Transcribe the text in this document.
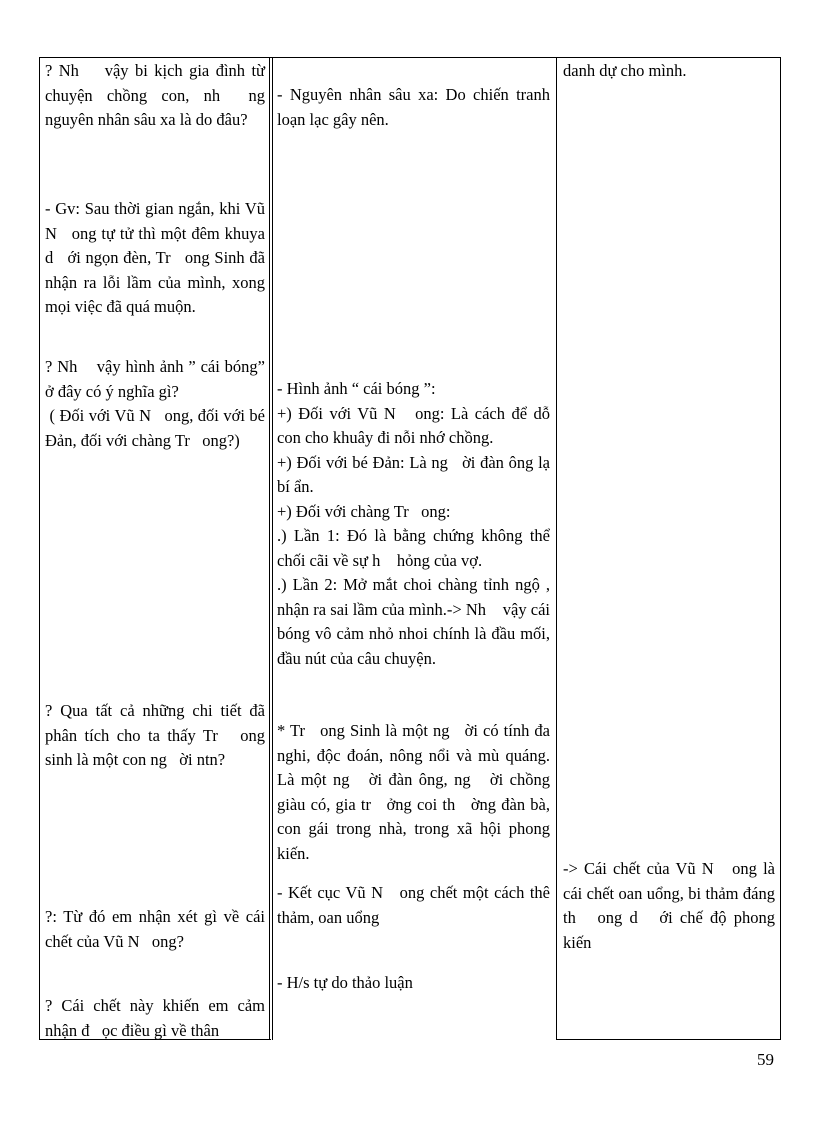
? Nh    vậy bi kịch gia đình từ chuyện chồng con, nh  ng nguyên nhân sâu xa là do đâu?

- Gv: Sau thời gian ngắn, khi Vũ N   ong tự tử thì một đêm khuya d   ới ngọn đèn, Tr   ong Sinh đã nhận ra lỗi lầm của mình, xong mọi việc đã quá muộn.

? Nh    vậy hình ảnh ” cái bóng” ở đây có ý nghĩa gì?
( Đối với Vũ N   ong, đối với bé Đản, đối với chàng Tr   ong?)

? Qua tất cả những chi tiết đã phân tích cho ta thấy Tr   ong sinh là một con ng   ời ntn?

?: Từ đó em nhận xét gì về cái chết của Vũ N   ong?

? Cái chết này khiến em cảm nhận đ   ọc điều gì về thân

- Nguyên nhân sâu xa: Do chiến tranh loạn lạc gây nên.

- Hình ảnh “ cái bóng ”:
+) Đối với Vũ N   ong: Là cách để dỗ con cho khuây đi nỗi nhớ chồng.
+) Đối với bé Đản: Là ng   ời đàn ông lạ bí ẩn.
+) Đối với chàng Tr   ong:
.) Lần 1: Đó là bằng chứng không thể chối cãi về sự h    hỏng của vợ.
.) Lần 2: Mở mắt choi chàng tỉnh ngộ , nhận ra sai lầm của mình.-> Nh    vậy cái bóng vô cảm nhỏ nhoi chính là đầu mối, đầu nút của câu chuyện.

* Tr   ong Sinh là một ng   ời có tính đa nghi, độc đoán, nông nổi và mù quáng. Là một ng   ời đàn ông, ng   ời chồng giàu có, gia tr   ởng coi th   ờng đàn bà, con gái trong nhà, trong xã hội phong kiến.

- Kết cục Vũ N   ong chết một cách thê thảm, oan uổng

- H/s tự do thảo luận

danh dự cho mình.

-> Cái chết của Vũ N   ong là cái chết oan uổng, bi thảm đáng th   ong d   ới chế độ phong kiến

59
